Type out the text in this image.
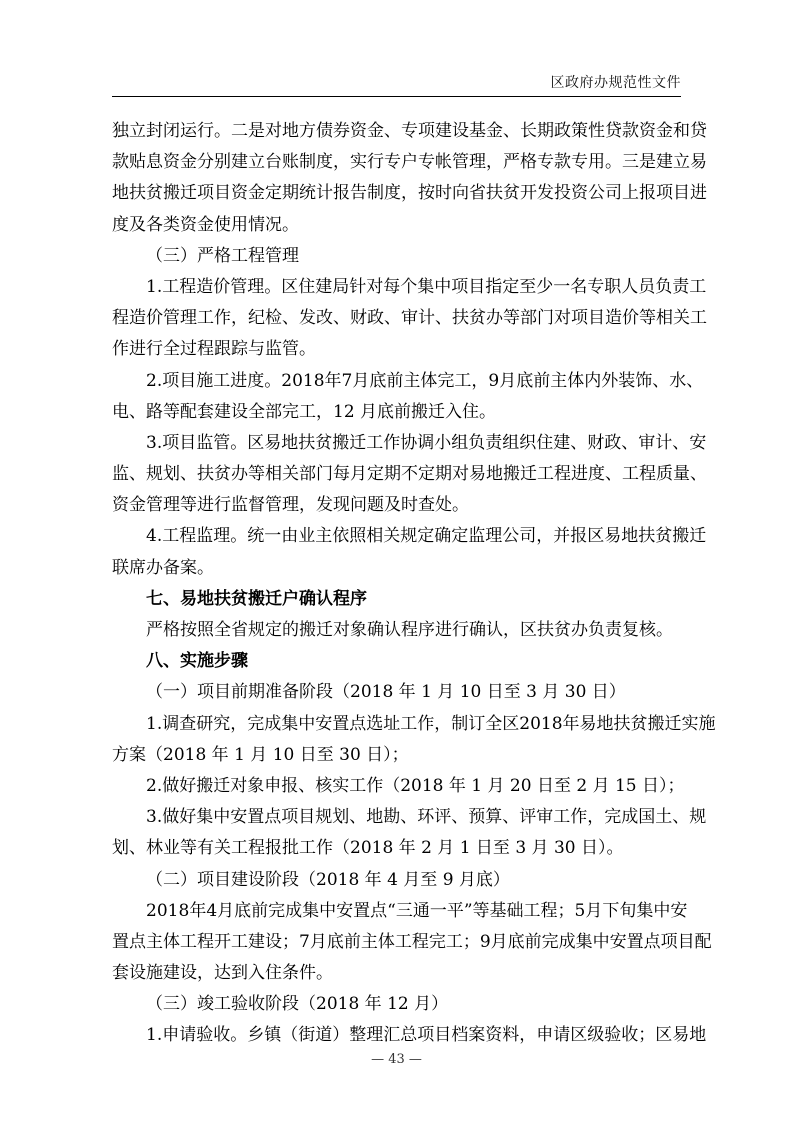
区政府办规范性文件
独 立 封 闭 运 行 。 二 是 对 地 方 债 券 资 金 、 专 项 建 设 基 金 、 长 期 政 策 性 贷 款 资 金 和 贷
款 贴 息 资 金 分 别 建 立 台 账 制 度 ， 实 行 专 户 专 帐 管 理 ， 严 格 专 款 专 用 。 三 是 建 立 易
地 扶 贫 搬 迁 项 目 资 金 定 期 统 计 报 告 制 度 ， 按 时 向 省 扶 贫 开 发 投 资 公 司 上 报 项 目 进
度及各类资金使用情况。
（三）严格工程管理
1 . 工 程 造 价 管 理 。 区 住 建 局 针 对 每 个 集 中 项 目 指 定 至 少 一 名 专 职 人 员 负 责 工
程 造 价 管 理 工 作 ， 纪 检 、 发 改 、 财 政 、 审 计 、 扶 贫 办 等 部 门 对 项 目 造 价 等 相 关 工
作进行全过程跟踪与监管。
2 . 项 目 施 工 进 度 。 2 0 1 8 年 7 月 底 前 主 体 完 工 ， 9 月 底 前 主 体 内 外 装 饰 、 水 、
电、路等配套建设全部完工，12 月底前搬迁入住。
3 . 项 目 监 管 。 区 易 地 扶 贫 搬 迁 工 作 协 调 小 组 负 责 组 织 住 建 、 财 政 、 审 计 、 安
监 、 规 划 、 扶 贫 办 等 相 关 部 门 每 月 定 期 不 定 期 对 易 地 搬 迁 工 程 进 度 、 工 程 质 量 、
资金管理等进行监督管理，发现问题及时查处。
4 . 工 程 监 理 。 统 一 由 业 主 依 照 相 关 规 定 确 定 监 理 公 司 ， 并 报 区 易 地 扶 贫 搬 迁
联席办备案。
七、易地扶贫搬迁户确认程序
严格按照全省规定的搬迁对象确认程序进行确认，区扶贫办负责复核。
八、实施步骤
（一）项目前期准备阶段（2018 年 1 月 10 日至 3 月 30 日）
1 . 调 查 研 究 ， 完 成 集 中 安 置 点 选 址 工 作 ， 制 订 全 区 2 0 1 8 年 易 地 扶 贫 搬 迁 实 施
方案（2018 年 1 月 10 日至 30 日）；
2.做好搬迁对象申报、核实工作（2018 年 1 月 20 日至 2 月 15 日）；
3 . 做 好 集 中 安 置 点 项 目 规 划 、 地 勘 、 环 评 、 预 算 、 评 审 工 作 ， 完 成 国 土 、 规
划、林业等有关工程报批工作（2018 年 2 月 1 日至 3 月 30 日）。
（二）项目建设阶段（2018 年 4 月至 9 月底）
2 0 1 8 年 4 月 底 前 完 成 集 中 安 置 点 “ 三 通 一 平 ” 等 基 础 工 程 ； 5 月 下 旬 集 中 安
置 点 主 体 工 程 开 工 建 设 ； 7 月 底 前 主 体 工 程 完 工 ； 9 月 底 前 完 成 集 中 安 置 点 项 目 配
套设施建设，达到入住条件。
（三）竣工验收阶段（2018 年 12 月）
1.申请验收。乡镇（街道）整理汇总项目档案资料，申请区级验收；区易地
— 43 —
